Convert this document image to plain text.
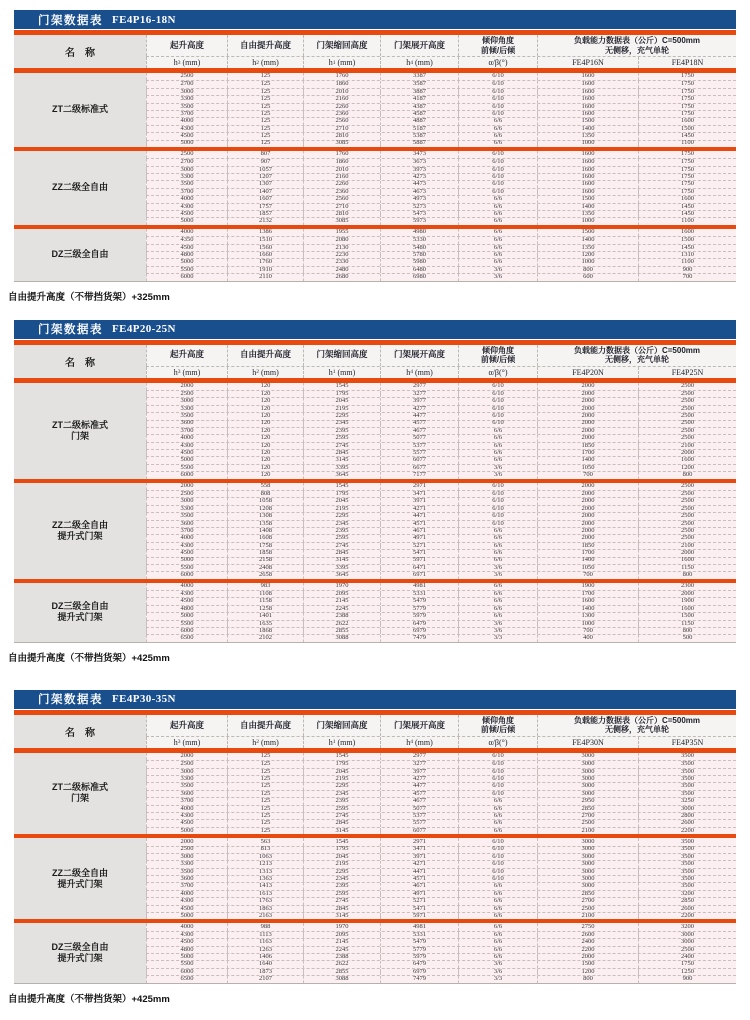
门架数据表 FE4P16-18N
名　称
起升高度	自由提升高度	门架缩回高度	门架展开高度	倾仰角度
前倾/后倾
负载能力数据表（公斤）C=500mm
无侧移，充气单轮
h 3 (mm)	h 2 (mm)	h 1 (mm)	h 4 (mm)	α/β(°)	FE4P16N	FE4P18N
ZT二级标准式
2500	125	1760	3387	6/10	1600	1750
2700	125	1860	3587	6/10	1600	1750
3000	125	2010	3887	6/10	1600	1750
3300	125	2160	4187	6/10	1600	1750
3500	125	2260	4387	6/10	1600	1750
3700	125	2360	4587	6/10	1600	1750
4000	125	2560	4887	6/6	1500	1600
4300	125	2710	5187	6/6	1400	1500
4500	125	2810	5387	6/6	1350	1450
5000	125	3085	5887	6/6	1000	1100
ZZ二级全自由
2500	807	1760	3473	6/10	1600	1750
2700	907	1860	3673	6/10	1600	1750
3000	1057	2010	3973	6/10	1600	1750
3300	1207	2160	4273	6/10	1600	1750
3500	1307	2260	4473	6/10	1600	1750
3700	1407	2360	4673	6/10	1600	1750
4000	1607	2560	4973	6/6	1500	1600
4300	1757	2710	5273	6/6	1400	1450
4500	1857	2810	5473	6/6	1350	1450
5000	2132	3085	5973	6/6	1000	1100
DZ三级全自由
4000	1386	1955	4980	6/6	1500	1600
4350	1510	2080	5330	6/6	1400	1500
4500	1560	2130	5480	6/6	1350	1450
4800	1660	2230	5780	6/6	1200	1310
5000	1760	2330	5980	6/6	1000	1100
5500	1910	2480	6480	3/6	800	900
6000	2110	2680	6980	3/6	600	700

自由提升高度（不带挡货架）+325mm

门架数据表 FE4P20-25N
名　称
起升高度	自由提升高度	门架缩回高度	门架展开高度	倾仰角度
前倾/后倾
负载能力数据表（公斤）C=500mm
无侧移，充气单轮
h 3 (mm)	h 2 (mm)	h 1 (mm)	h 4 (mm)	α/β(°)	FE4P20N	FE4P25N
ZT二级标准式
门架
2000	120	1545	2977	6/10	2000	2500
2500	120	1795	3277	6/10	2000	2500
3000	120	2045	3977	6/10	2000	2500
3300	120	2195	4277	6/10	2000	2500
3500	120	2295	4477	6/10	2000	2500
3600	120	2345	4577	6/10	2000	2500
3700	120	2395	4677	6/6	2000	2500
4000	120	2595	5077	6/6	2000	2500
4300	120	2745	5377	6/6	1850	2100
4500	120	2845	5577	6/6	1700	2000
5000	120	3145	6077	6/6	1400	1600
5500	120	3395	6677	3/6	1050	1200
6000	120	3645	7177	3/6	700	800
ZZ二级全自由
提升式门架
2000	558	1545	2971	6/10	2000	2500
2500	808	1795	3471	6/10	2000	2500
3000	1058	2045	3971	6/10	2000	2500
3300	1208	2195	4271	6/10	2000	2500
3500	1308	2295	4471	6/10	2000	2500
3600	1358	2345	4571	6/10	2000	2500
3700	1408	2395	4671	6/6	2000	2500
4000	1608	2595	4971	6/6	2000	2500
4300	1758	2745	5271	6/6	1850	2100
4500	1858	2845	5471	6/6	1700	2000
5000	2158	3145	5971	6/6	1400	1600
5500	2408	3395	6471	3/6	1050	1150
6000	2658	3645	6971	3/6	700	800
DZ三级全自由
提升式门架
4000	983	1970	4981	6/6	1900	2300
4300	1108	2095	5331	6/6	1700	2000
4500	1158	2145	5479	6/6	1600	1900
4800	1258	2245	5779	6/6	1400	1600
5000	1401	2388	5979	6/6	1300	1500
5500	1635	2622	6479	3/6	1000	1150
6000	1868	2855	6979	3/6	700	800
6500	2102	3088	7479	3/3	400	500

自由提升高度（不带挡货架）+425mm

门架数据表 FE4P30-35N
名　称
起升高度	自由提升高度	门架缩回高度	门架展开高度	倾仰角度
前倾/后倾
负载能力数据表（公斤）C=500mm
无侧移，充气单轮
h 3 (mm)	h 2 (mm)	h 1 (mm)	h 4 (mm)	α/β(°)	FE4P30N	FE4P35N
ZT二级标准式
门架
2000	125	1545	2977	6/10	3000	3500
2500	125	1795	3277	6/10	3000	3500
3000	125	2045	3977	6/10	3000	3500
3300	125	2195	4277	6/10	3000	3500
3500	125	2295	4477	6/10	3000	3500
3600	125	2345	4577	6/10	3000	3500
3700	125	2395	4677	6/6	2950	3250
4000	125	2595	5077	6/6	2850	3000
4300	125	2745	5377	6/6	2700	2800
4500	125	2845	5577	6/6	2500	2600
5000	125	3145	6077	6/6	2100	2200
ZZ二级全自由
提升式门架
2000	563	1545	2971	6/10	3000	3500
2500	813	1795	3471	6/10	3000	3500
3000	1063	2045	3971	6/10	3000	3500
3300	1213	2195	4271	6/10	3000	3500
3500	1313	2295	4471	6/10	3000	3500
3600	1363	2345	4571	6/10	3000	3500
3700	1413	2395	4671	6/6	3000	3500
4000	1613	2595	4971	6/6	2850	3200
4300	1763	2745	5271	6/6	2700	2850
4500	1863	2845	5471	6/6	2500	2600
5000	2163	3145	5971	6/6	2100	2200
DZ三级全自由
提升式门架
4000	988	1970	4981	6/6	2750	3200
4300	1113	2095	5331	6/6	2600	3000
4500	1163	2145	5479	6/6	2400	3000
4800	1263	2245	5779	6/6	2200	2500
5000	1406	2388	5979	6/6	2000	2400
5500	1640	2622	6479	3/6	1500	1750
6000	1873	2855	6979	3/6	1200	1250
6500	2107	3088	7479	3/3	800	900

自由提升高度（不带挡货架）+425mm
